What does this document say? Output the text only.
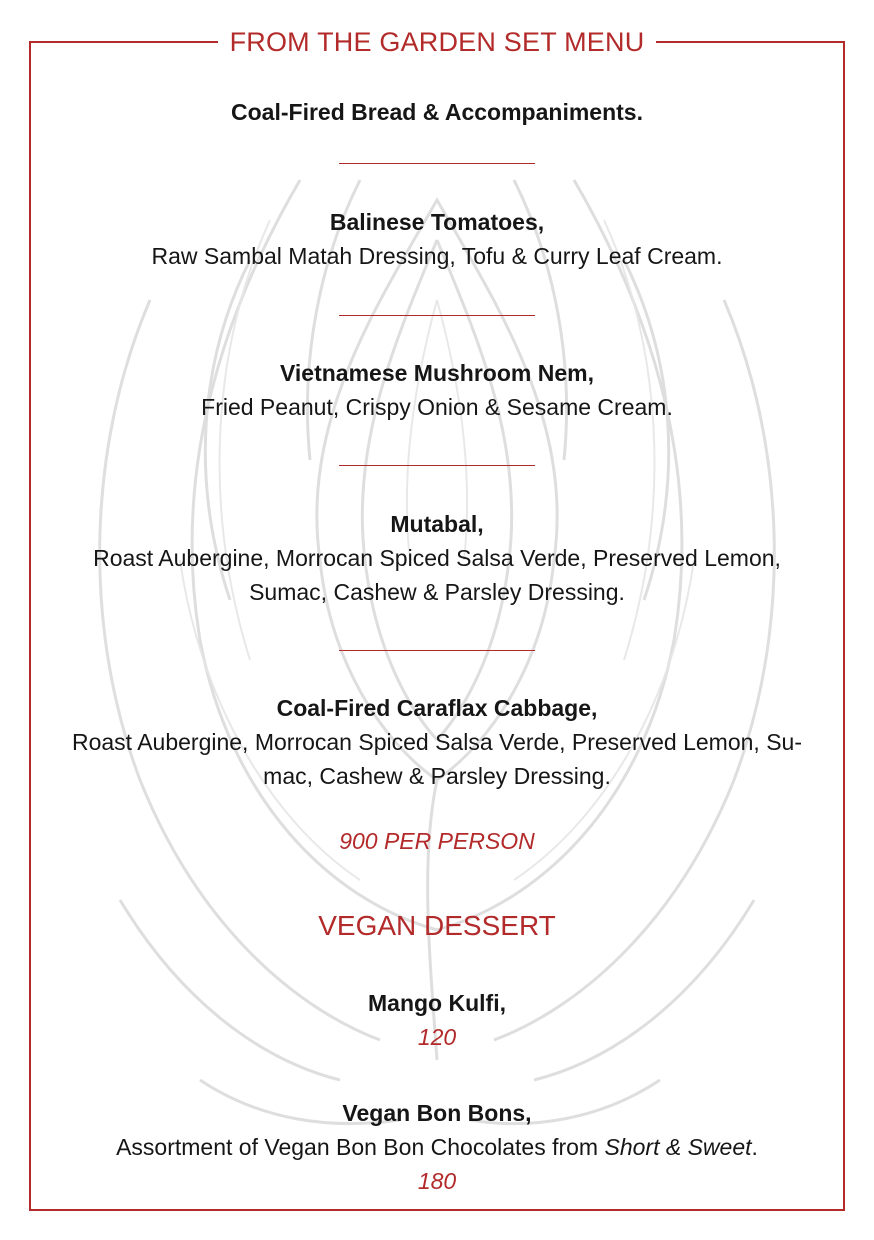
FROM THE GARDEN SET MENU
Coal-Fired Bread & Accompaniments.
Balinese Tomatoes,
Raw Sambal Matah Dressing, Tofu & Curry Leaf Cream.
Vietnamese Mushroom Nem,
Fried Peanut, Crispy Onion & Sesame Cream.
Mutabal,
Roast Aubergine, Morrocan Spiced Salsa Verde, Preserved Lemon,
Sumac, Cashew & Parsley Dressing.
Coal-Fired Caraflax Cabbage,
Roast Aubergine, Morrocan Spiced Salsa Verde, Preserved Lemon, Su-
mac, Cashew & Parsley Dressing.
900 PER PERSON
VEGAN DESSERT
Mango Kulfi,
120
Vegan Bon Bons,
Assortment of Vegan Bon Bon Chocolates from Short & Sweet.
180
